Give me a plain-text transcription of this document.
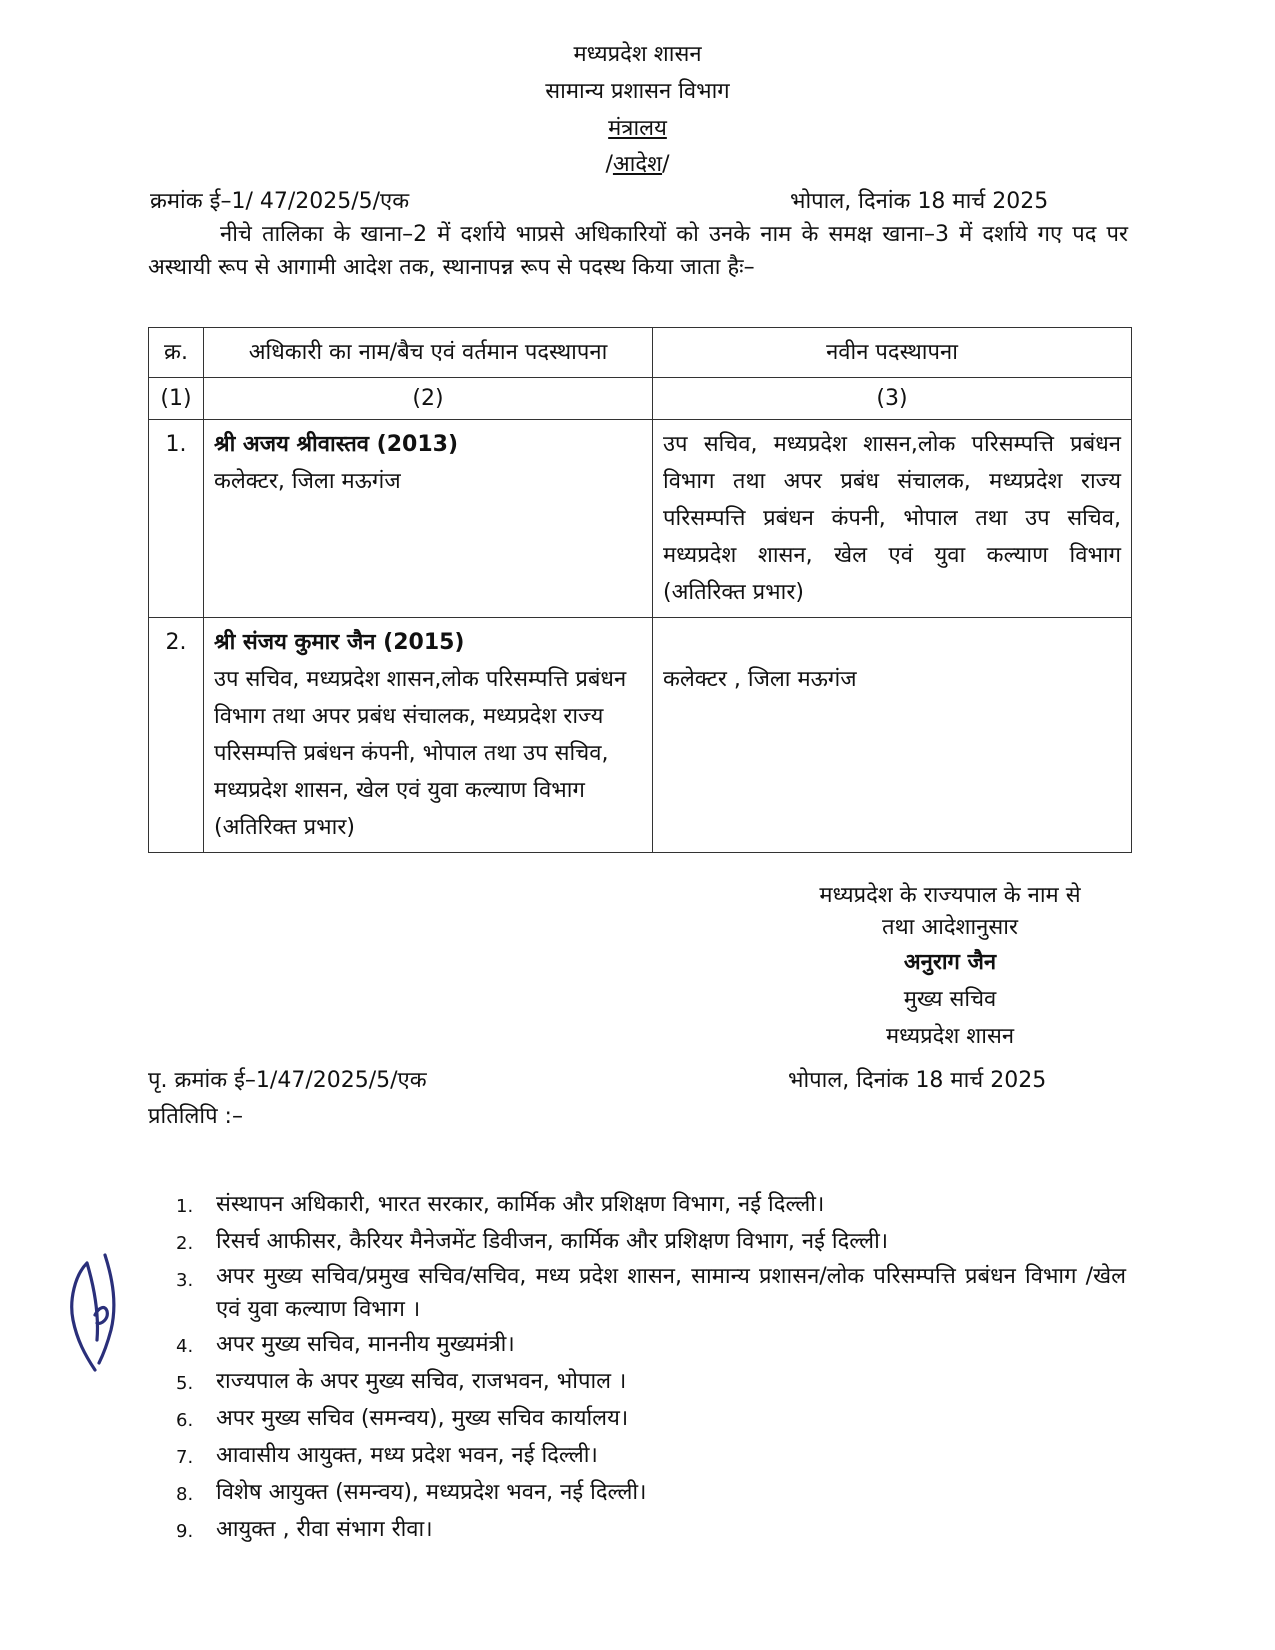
मध्यप्रदेश शासन
सामान्य प्रशासन विभाग
मंत्रालय
/आदेश/
क्रमांक ई–1/ 47/2025/5/एक	भोपाल, दिनांक 18 मार्च 2025
नीचे तालिका के खाना–2 में दर्शाये भाप्रसे अधिकारियों को उनके नाम के समक्ष खाना–3 में दर्शाये गए पद पर अस्थायी रूप से आगामी आदेश तक, स्थानापन्न रूप से पदस्थ किया जाता हैः–
क्र.	अधिकारी का नाम/बैच एवं वर्तमान पदस्थापना	नवीन पदस्थापना
(1)	(2)	(3)
1.	श्री अजय श्रीवास्तव (2013)
कलेक्टर, जिला मऊगंज	उप सचिव, मध्यप्रदेश शासन,लोक परिसम्पत्ति प्रबंधन विभाग तथा अपर प्रबंध संचालक, मध्यप्रदेश राज्य परिसम्पत्ति प्रबंधन कंपनी, भोपाल तथा उप सचिव, मध्यप्रदेश शासन, खेल एवं युवा कल्याण विभाग (अतिरिक्त प्रभार)
2.	श्री संजय कुमार जैन (2015)
उप सचिव, मध्यप्रदेश शासन,लोक परिसम्पत्ति प्रबंधन विभाग तथा अपर प्रबंध संचालक, मध्यप्रदेश राज्य परिसम्पत्ति प्रबंधन कंपनी, भोपाल तथा उप सचिव, मध्यप्रदेश शासन, खेल एवं युवा कल्याण विभाग (अतिरिक्त प्रभार)	कलेक्टर , जिला मऊगंज
मध्यप्रदेश के राज्यपाल के नाम से
तथा आदेशानुसार
अनुराग जैन
मुख्य सचिव
मध्यप्रदेश शासन
पृ. क्रमांक ई–1/47/2025/5/एक	भोपाल, दिनांक 18 मार्च 2025
प्रतिलिपि :–
1. संस्थापन अधिकारी, भारत सरकार, कार्मिक और प्रशिक्षण विभाग, नई दिल्ली।
2. रिसर्च आफीसर, कैरियर मैनेजमेंट डिवीजन, कार्मिक और प्रशिक्षण विभाग, नई दिल्ली।
3. अपर मुख्य सचिव/प्रमुख सचिव/सचिव, मध्य प्रदेश शासन, सामान्य प्रशासन/लोक परिसम्पत्ति प्रबंधन विभाग /खेल एवं युवा कल्याण विभाग ।
4. अपर मुख्य सचिव, माननीय मुख्यमंत्री।
5. राज्यपाल के अपर मुख्य सचिव, राजभवन, भोपाल ।
6. अपर मुख्य सचिव (समन्वय), मुख्य सचिव कार्यालय।
7. आवासीय आयुक्त, मध्य प्रदेश भवन, नई दिल्ली।
8. विशेष आयुक्त (समन्वय), मध्यप्रदेश भवन, नई दिल्ली।
9. आयुक्त , रीवा संभाग रीवा।
